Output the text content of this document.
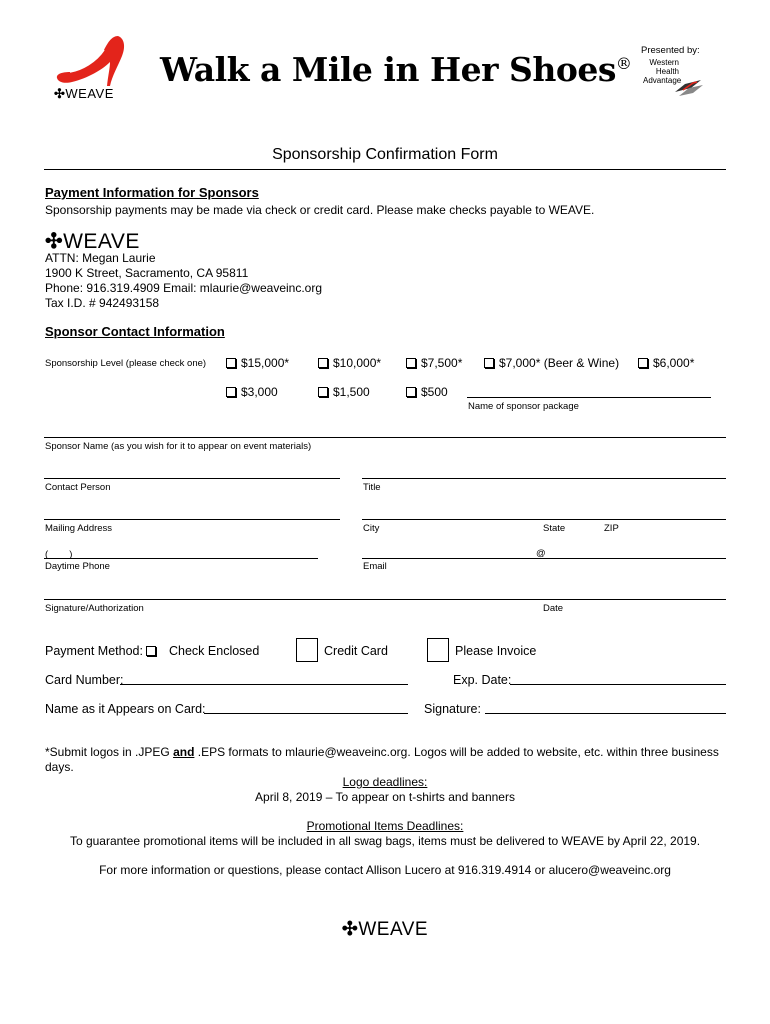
✣WEAVE
Walk a Mile in Her Shoes®
Presented by:
Western
Health
Advantage
Sponsorship Confirmation Form
Payment Information for Sponsors
Sponsorship payments may be made via check or credit card. Please make checks payable to WEAVE.
✣WEAVE
ATTN: Megan Laurie
1900 K Street, Sacramento, CA 95811
Phone: 916.319.4909 Email: mlaurie@weaveinc.org
Tax I.D. # 942493158
Sponsor Contact Information
Sponsorship Level (please check one)	$15,000*	$10,000*	$7,500*	$7,000* (Beer & Wine)	$6,000*
$3,000	$1,500	$500
Name of sponsor package
Sponsor Name (as you wish for it to appear on event materials)
Contact Person	Title
Mailing Address	City	State	ZIP
(        )
Daytime Phone
@
Email
Signature/Authorization	Date
Payment Method: Check Enclosed	Credit Card	Please Invoice
Card Number:	Exp. Date:
Name as it Appears on Card:	Signature:
*Submit logos in .JPEG and .EPS formats to mlaurie@weaveinc.org. Logos will be added to website, etc. within three business days.
Logo deadlines:
April 8, 2019 – To appear on t-shirts and banners
Promotional Items Deadlines:
To guarantee promotional items will be included in all swag bags, items must be delivered to WEAVE by April 22, 2019.
For more information or questions, please contact Allison Lucero at 916.319.4914 or alucero@weaveinc.org
✣WEAVE
